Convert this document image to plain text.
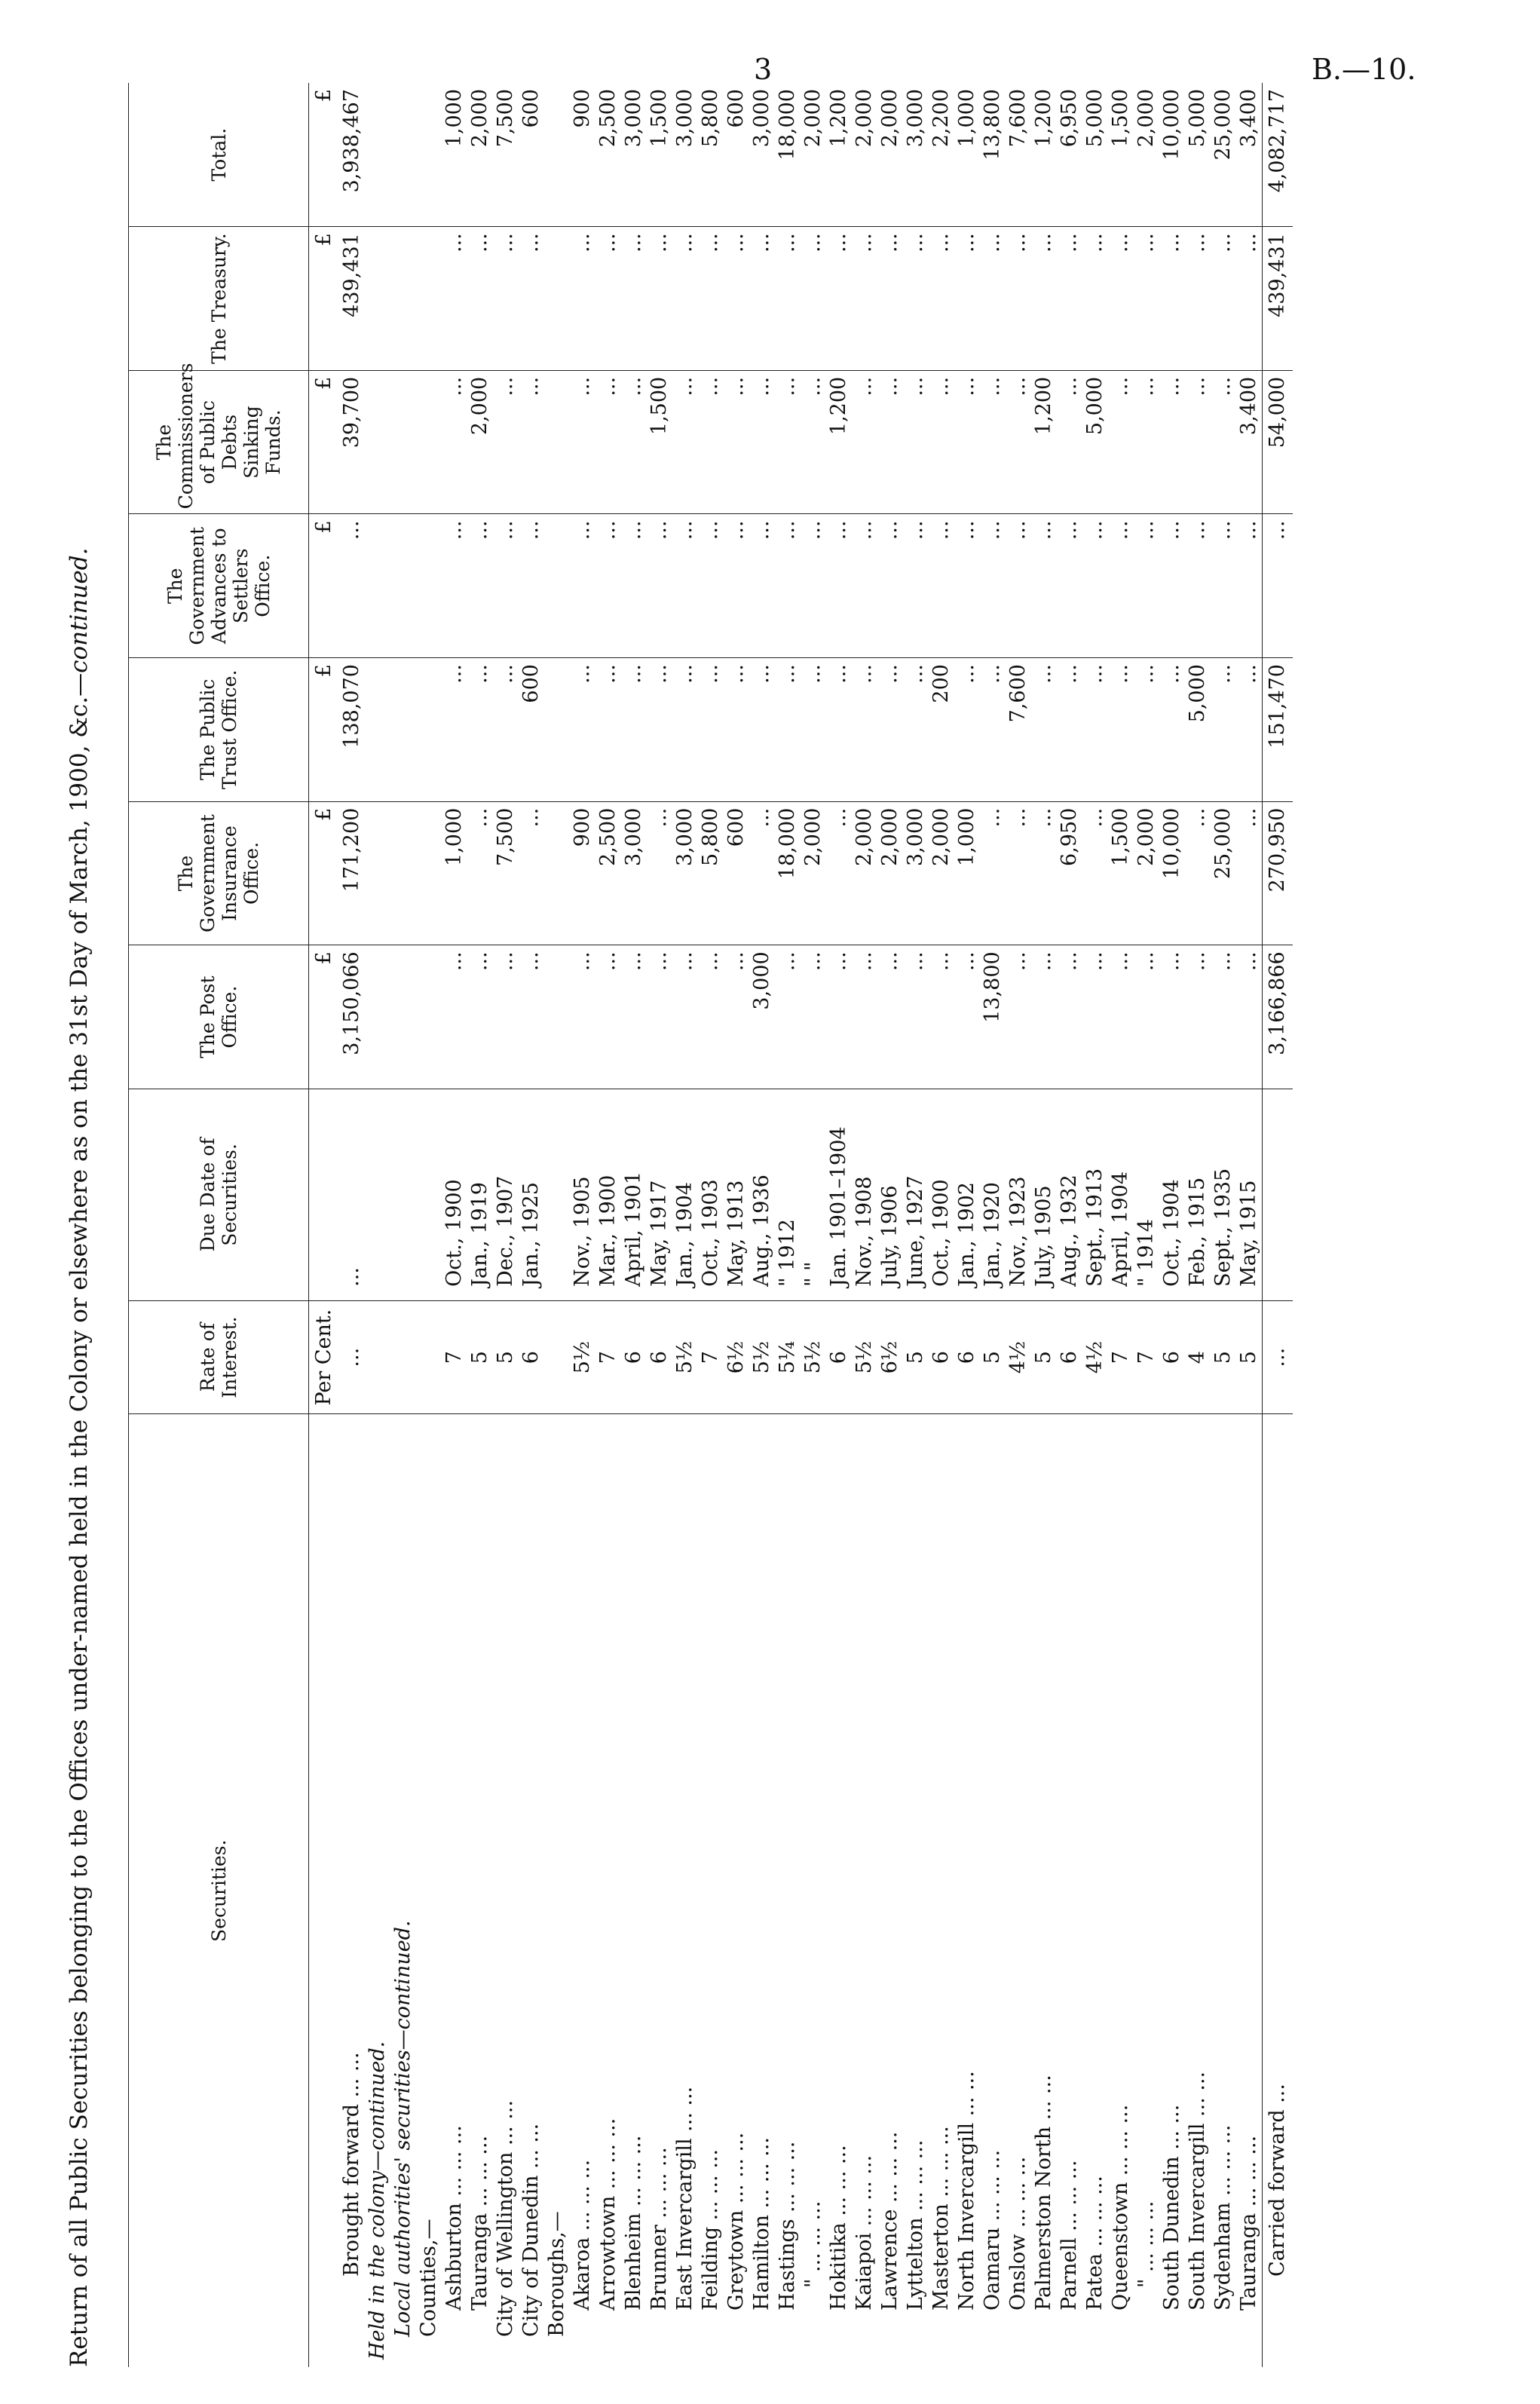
3	B.—10.
Return of all Public Securities belonging to the Offices under-named held in the Colony or elsewhere as on the 31st Day of March, 1900, &c.—continued.
Securities.	Rate of Interest.	Due Date of Securities.	The Post Office.	The Government Insurance Office.	The Public Trust Office.	The Government Advances to Settlers Office.	The Commissioners of Public Debts Sinking Funds.	The Treasury.	Total.
	Per Cent.		£	£	£	£	£	£	£
Brought forward ... ...	...	...	3,150,066	171,200	138,070	...	39,700	439,431	3,938,467
Held in the colony—continued.									
Local authorities' securities—continued.									
Counties,—									
Ashburton ... ... ...	7	Oct., 1900	...	1,000	...	...	...	...	1,000
Tauranga ... ... ...	5	Jan., 1919	...	...	...	...	2,000	...	2,000
City of Wellington ... ...	5	Dec., 1907	...	7,500	...	...	...	...	7,500
City of Dunedin ... ...	6	Jan., 1925	...	...	600	...	...	...	600
Boroughs,—									
Akaroa ... ... ...	5½	Nov., 1905	...	900	...	...	...	...	900
Arrowtown ... ... ...	7	Mar., 1900	...	2,500	...	...	...	...	2,500
Blenheim ... ... ...	6	April, 1901	...	3,000	...	...	...	...	3,000
Brunner ... ... ...	6	May, 1917	...	...	...	...	1,500	...	1,500
East Invercargill ... ...	5½	Jan., 1904	...	3,000	...	...	...	...	3,000
Feilding ... ... ...	7	Oct., 1903	...	5,800	...	...	...	...	5,800
Greytown ... ... ...	6½	May, 1913	...	600	...	...	...	...	600
Hamilton ... ... ...	5½	Aug., 1936	3,000	...	...	...	...	...	3,000
Hastings ... ... ...	5¼	" 1912	...	18,000	...	...	...	...	18,000
" ... ... ...	5½	" "	...	2,000	...	...	...	...	2,000
Hokitika ... ... ...	6	Jan. 1901–1904	...	...	...	...	1,200	...	1,200
Kaiapoi ... ... ...	5½	Nov., 1908	...	2,000	...	...	...	...	2,000
Lawrence ... ... ...	6½	July, 1906	...	2,000	...	...	...	...	2,000
Lyttelton ... ... ...	5	June, 1927	...	3,000	...	...	...	...	3,000
Masterton ... ... ...	6	Oct., 1900	...	2,000	200	...	...	...	2,200
North Invercargill ... ...	6	Jan., 1902	...	1,000	...	...	...	...	1,000
Oamaru ... ... ...	5	Jan., 1920	13,800	...	...	...	...	...	13,800
Onslow ... ... ...	4½	Nov., 1923	...	...	7,600	...	...	...	7,600
Palmerston North ... ...	5	July, 1905	...	...	...	...	1,200	...	1,200
Parnell ... ... ...	6	Aug., 1932	...	6,950	...	...	...	...	6,950
Patea ... ... ...	4½	Sept., 1913	...	...	...	...	5,000	...	5,000
Queenstown ... ... ...	7	April, 1904	...	1,500	...	...	...	...	1,500
" ... ... ...	7	" 1914	...	2,000	...	...	...	...	2,000
South Dunedin ... ...	6	Oct., 1904	...	10,000	...	...	...	...	10,000
South Invercargill ... ...	4	Feb., 1915	...	...	5,000	...	...	...	5,000
Sydenham ... ... ...	5	Sept., 1935	...	25,000	...	...	...	...	25,000
Tauranga ... ... ...	5	May, 1915	...	...	...	...	3,400	...	3,400
Carried forward ...	...		3,166,866	270,950	151,470	...	54,000	439,431	4,082,717
